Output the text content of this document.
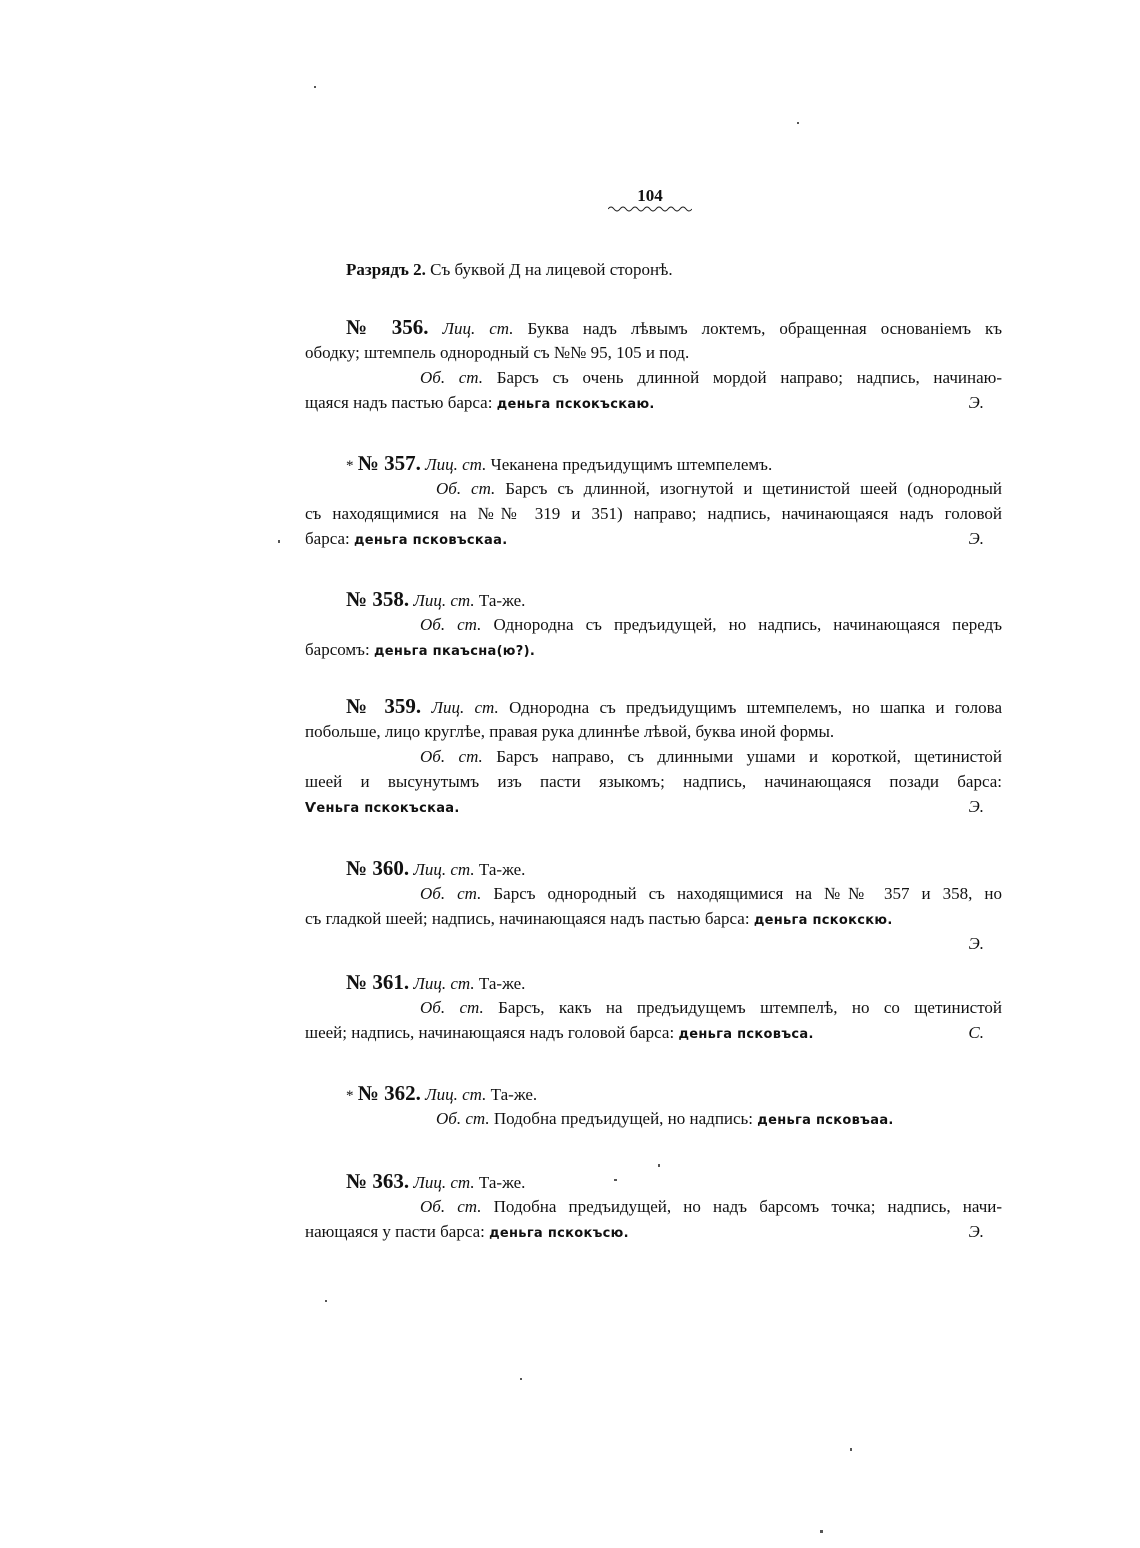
104
Разрядъ 2. Съ буквой Д на лицевой сторонѣ.
№ 356. Лиц. ст. Буква надъ лѣвымъ локтемъ, обращенная основаніемъ къ
ободку; штемпель однородный съ №№ 95, 105 и под.
Об. ст. Барсъ съ очень длинной мордой направо; надпись, начинаю-
щаяся надъ пастью барса: деньга пскокъскаю.	Э.
* № 357. Лиц. ст. Чеканена предъидущимъ штемпелемъ.
Об. ст. Барсъ съ длинной, изогнутой и щетинистой шеей (однородный
съ находящимися на №№ 319 и 351) направо; надпись, начинающаяся надъ головой
барса: деньга псковъскаа.	Э.
№ 358. Лиц. ст. Та-же.
Об. ст. Однородна съ предъидущей, но надпись, начинающаяся передъ
барсомъ: деньга пкаъсна(ю?).
№ 359. Лиц. ст. Однородна съ предъидущимъ штемпелемъ, но шапка и голова
побольше, лицо круглѣе, правая рука длиннѣе лѣвой, буква иной формы.
Об. ст. Барсъ направо, съ длинными ушами и короткой, щетинистой
шеей и высунутымъ изъ пасти языкомъ; надпись, начинающаяся позади барса:
Ѵеньга пскокъскаа.	Э.
№ 360. Лиц. ст. Та-же.
Об. ст. Барсъ однородный съ находящимися на №№ 357 и 358, но
съ гладкой шеей; надпись, начинающаяся надъ пастью барса: деньга пскокскю.
Э.
№ 361. Лиц. ст. Та-же.
Об. ст. Барсъ, какъ на предъидущемъ штемпелѣ, но со щетинистой
шеей; надпись, начинающаяся надъ головой барса: деньга псковъса.	С.
* № 362. Лиц. ст. Та-же.
Об. ст. Подобна предъидущей, но надпись: деньга псковъаа.
№ 363. Лиц. ст. Та-же.
Об. ст. Подобна предъидущей, но надъ барсомъ точка; надпись, начи-
нающаяся у пасти барса: деньга пскокъсю.	Э.
